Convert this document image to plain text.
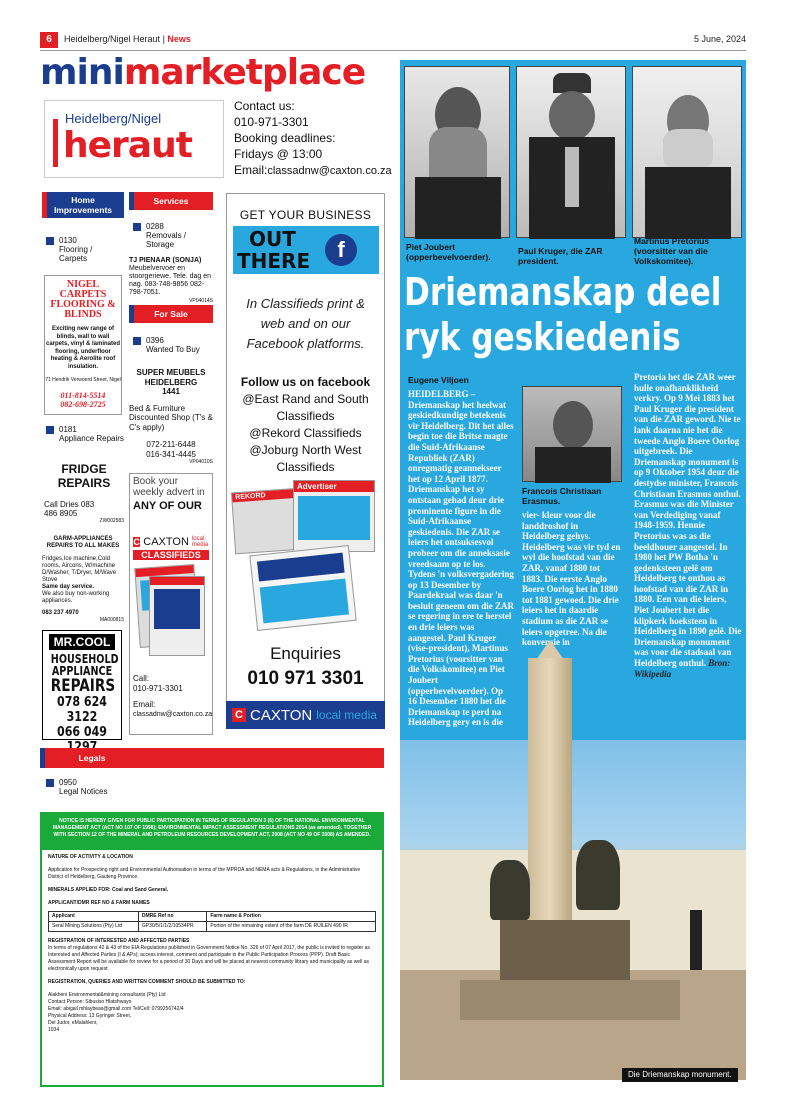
6	Heidelberg/Nigel Heraut | News	5 June, 2024
minimarketplace
Heidelberg/Nigel
heraut
Contact us:
010-971-3301
Booking deadlines:
Fridays @ 13:00
Email:classadnw@caxton.co.za
Home Improvements
Services
0130
Flooring / Carpets
0288
Removals / Storage
TJ PIENAAR (SONJA)
Meubelvervoer en stoorgeriewe. Tele. dag en nag. 083-748-9856 082-798-7051.
VP04014S
NIGEL CARPETS FLOORING & BLINDS
Exciting new range of blinds, wall to wall carpets, vinyl & laminated flooring, underfloor heating & Aerolite roof insulation.
71 Hendrik Verwoerd Street, Nigel
011-814-5514
082-698-2725
For Sale
0396
Wanted To Buy
SUPER MEUBELS HEIDELBERG
1441
Bed & Furniture Discounted Shop (T's & C's apply)
072-211-6448
016-341-4445
VP04010S
0181
Appliance Repairs
FRIDGE REPAIRS
Call Dries 083 486 8905
ZW002583
GARM-APPLIANCES REPAIRS TO ALL MAKES
Fridges,Ice machine,Cold rooms, Aircons, W/machine D/Washer, T/Dryer, M/Wave Stove
Same day service.
We also buy non-working appliances.
083 237 4970
MA000815
MR.COOL
HOUSEHOLD
APPLIANCE
REPAIRS
078 624 3122
066 049
GET YOUR BUSINESS
OUT
THERE	f
In Classifieds print & web and on our Facebook platforms.
Follow us on facebook
@East Rand and South Classifieds
@Rekord Classifieds
@Joburg North West Classifieds
REKORD
Advertiser
Enquiries
010 971 3301
C CAXTON local media
Book your weekly advert in
ANY OF OUR
C CAXTON local media
CLASSIFIEDS
Call:
010-971-3301
Email:
classadnw@caxton.co.za
Legals
0950
Legal Notices
NOTICE IS HEREBY GIVEN FOR PUBLIC PARTICIPATION IN TERMS OF REGULATION 3 (6) OF THE NATIONAL ENVIRONMENTAL MANAGEMENT ACT (ACT NO 107 OF 1998); ENVIRONMENTAL IMPACT ASSESSMENT REGULATIONS 2014 (as amended), TOGETHER WITH SECTION 12 OF THE MINERAL AND PETROLEUM RESOURCES DEVELOPMENT ACT, 2008 (ACT NO 49 OF 2008) AS AMENDED.
NATURE OF ACTIVITY & LOCATION
Application for Prospecting right and Environmental Authorisation in terms of the MPRDA and NEMA acts & Regulations, in the Administrative District of Heidelberg, Gauteng Province.
MINERALS APPLIED FOR: Coal and Sand General.
APPLICANT/DMR REF NO & FARM NAMES
Applicant	DMRE Ref no	Farm name & Portion
Seral Mining Solutions (Pty) Ltd	GP30/5/1/1/2/10534PR	Portion of the remaining extent of the farm DE RUILEN 490 IR
REGISTRATION OF INTERESTED AND AFFECTED PARTIES
In terms of regulations 42 & 43 of the EIA Regulations published in Government Notice No. 326 of 07 April 2017, the public is invited to register as Interested and Affected Parties (I & APs); access interest, comment and participate in the Public Participation Process (PPP). Draft Basic Assessment Report will be available for review for a period of 30 Days and will be placed at nearest community library and municipality as well as electronically upon request.
REGISTRATION, QUERIES AND WRITTEN COMMENT SHOULD BE SUBMITTED TO:
Alakheni Environmental&mining consultants (Pty) Ltd
Contact Person: Sibusiso Hlatshwayo
Email: abigail mhlaybeas@gmail.com Tel/Cell: 0799256742/4
Physical Address: 13 Gyringer Street,
Del Judor, eMalahleni,
1034
Piet Joubert (opperbevelvoerder).
Paul Kruger, die ZAR president.
Martinus Pretorius (voorsitter van die Volkskomitee).
Driemanskap deel
ryk geskiedenis
Eugene Viljoen
HEIDELBERG – Driemanskap het heelwat geskiedkundige betekenis vir Heidelberg. Dit het alles begin toe die Britse magte die Suid-Afrikaanse Republiek (ZAR) onregmatig geannekseer het op 12 April 1877. Driemanskap het sy ontstaan gehad deur drie prominente figure in die Suid-Afrikaanse geskiedenis. Die ZAR se leiers het ontsuksesvol probeer om die anneksasie vreedsaam op te los. Tydens 'n volksvergadering op 13 Desember by Paardekraal was daar 'n besluit geneem om die ZAR se regering in ere te herstel en drie leiers was aangestel. Paul Kruger (vise-president), Martinus Pretorius (voorsitter van die Volkskomitee) en Piet Joubert (opperbevelvoerder). Op 16 Desember 1880 het die Driemanskap te perd na Heidelberg gery en is die
Francois Christiaan Erasmus.
vier- kleur voor die landdroshof in Heidelberg gehys. Heidelberg was vir tyd en wyl die hoofstad van die ZAR, vanaf 1880 tot 1883. Die eerste Anglo Boere Oorlog het in 1880 tot 1881 gewoed. Die drie leiers het in daardie stadium as die ZAR se leiers opgetree. Na die konvensie in
Pretoria het die ZAR weer hulle onafhanklikheid verkry. Op 9 Mei 1883 het Paul Kruger die president van die ZAR geword. Nie te lank daarna nie het die tweede Anglo Boere Oorlog uitgebreek. Die Driemanskap monument is op 9 Oktober 1954 deur die destydse minister, Francois Christiaan Erasmus onthul. Erasmus was die Minister van Verdediging vanaf 1948-1959. Hennie Pretorius was as die beeldhouer aangestel. In 1980 het PW Botha 'n gedenksteen gelê om Heidelberg te onthou as hoofstad van die ZAR in 1880. Een van die leiers, Piet Joubert het die klipkerk hoeksteen in Heidelberg in 1890 gelê. Die Driemanskap monument was voor die stadsaal van Heidelberg onthul. Bron: Wikipedia
Die Driemanskap monument.
